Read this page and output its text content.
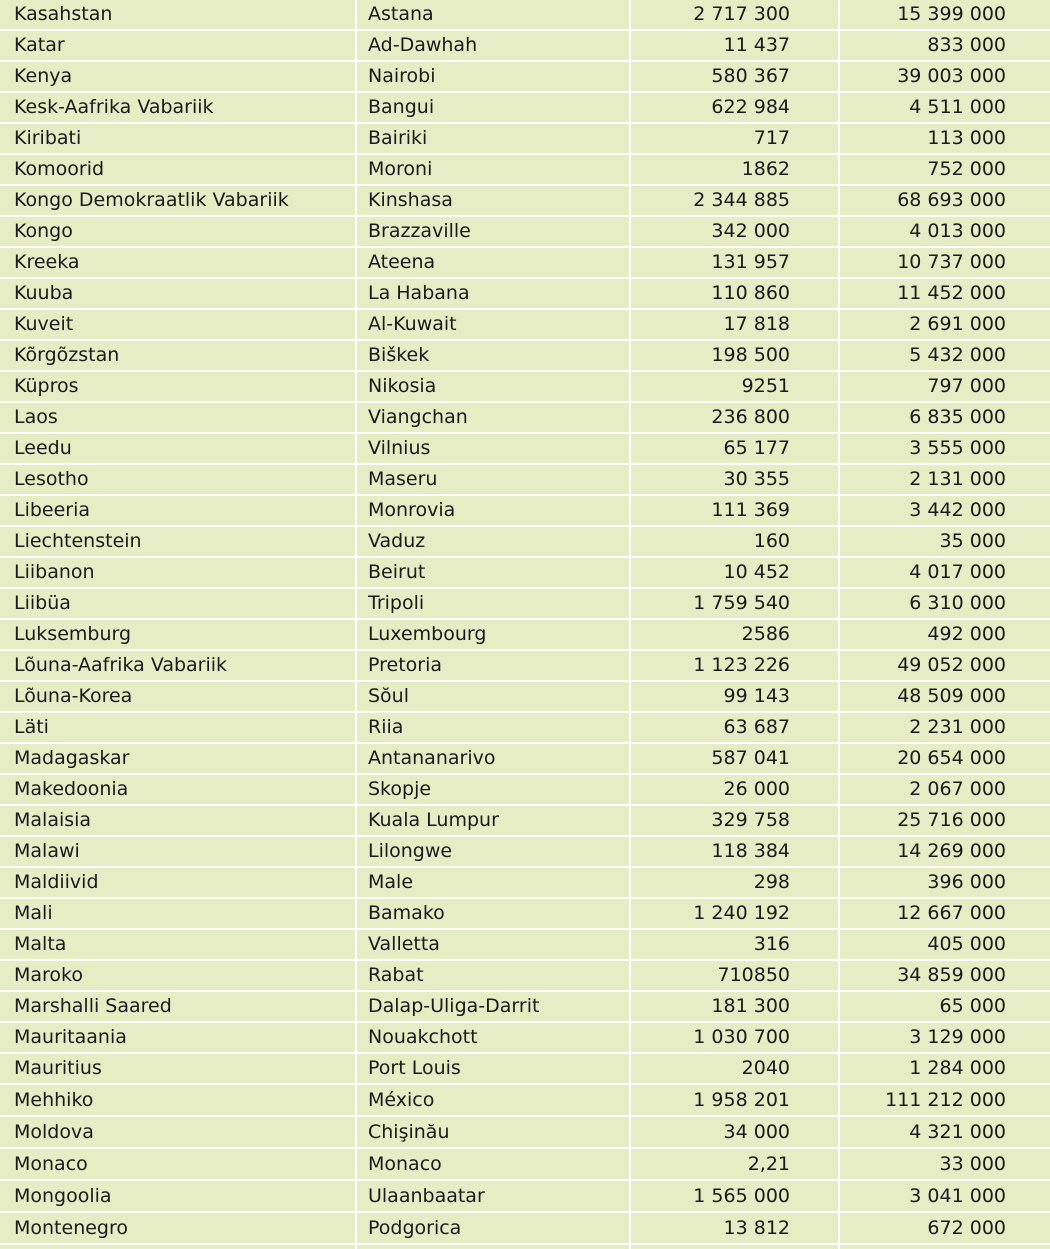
Kasahstan	Astana	2 717 300	15 399 000
Katar	Ad-Dawhah	11 437	833 000
Kenya	Nairobi	580 367	39 003 000
Kesk-Aafrika Vabariik	Bangui	622 984	4 511 000
Kiribati	Bairiki	717	113 000
Komoorid	Moroni	1862	752 000
Kongo Demokraatlik Vabariik	Kinshasa	2 344 885	68 693 000
Kongo	Brazzaville	342 000	4 013 000
Kreeka	Ateena	131 957	10 737 000
Kuuba	La Habana	110 860	11 452 000
Kuveit	Al-Kuwait	17 818	2 691 000
Kõrgõzstan	Biškek	198 500	5 432 000
Küpros	Nikosia	9251	797 000
Laos	Viangchan	236 800	6 835 000
Leedu	Vilnius	65 177	3 555 000
Lesotho	Maseru	30 355	2 131 000
Libeeria	Monrovia	111 369	3 442 000
Liechtenstein	Vaduz	160	35 000
Liibanon	Beirut	10 452	4 017 000
Liibüa	Tripoli	1 759 540	6 310 000
Luksemburg	Luxembourg	2586	492 000
Lõuna-Aafrika Vabariik	Pretoria	1 123 226	49 052 000
Lõuna-Korea	Sŏul	99 143	48 509 000
Läti	Riia	63 687	2 231 000
Madagaskar	Antananarivo	587 041	20 654 000
Makedoonia	Skopje	26 000	2 067 000
Malaisia	Kuala Lumpur	329 758	25 716 000
Malawi	Lilongwe	118 384	14 269 000
Maldiivid	Male	298	396 000
Mali	Bamako	1 240 192	12 667 000
Malta	Valletta	316	405 000
Maroko	Rabat	710850	34 859 000
Marshalli Saared	Dalap-Uliga-Darrit	181 300	65 000
Mauritaania	Nouakchott	1 030 700	3 129 000
Mauritius	Port Louis	2040	1 284 000
Mehhiko	México	1 958 201	111 212 000
Moldova	Chişinău	34 000	4 321 000
Monaco	Monaco	2,21	33 000
Mongoolia	Ulaanbaatar	1 565 000	3 041 000
Montenegro	Podgorica	13 812	672 000
